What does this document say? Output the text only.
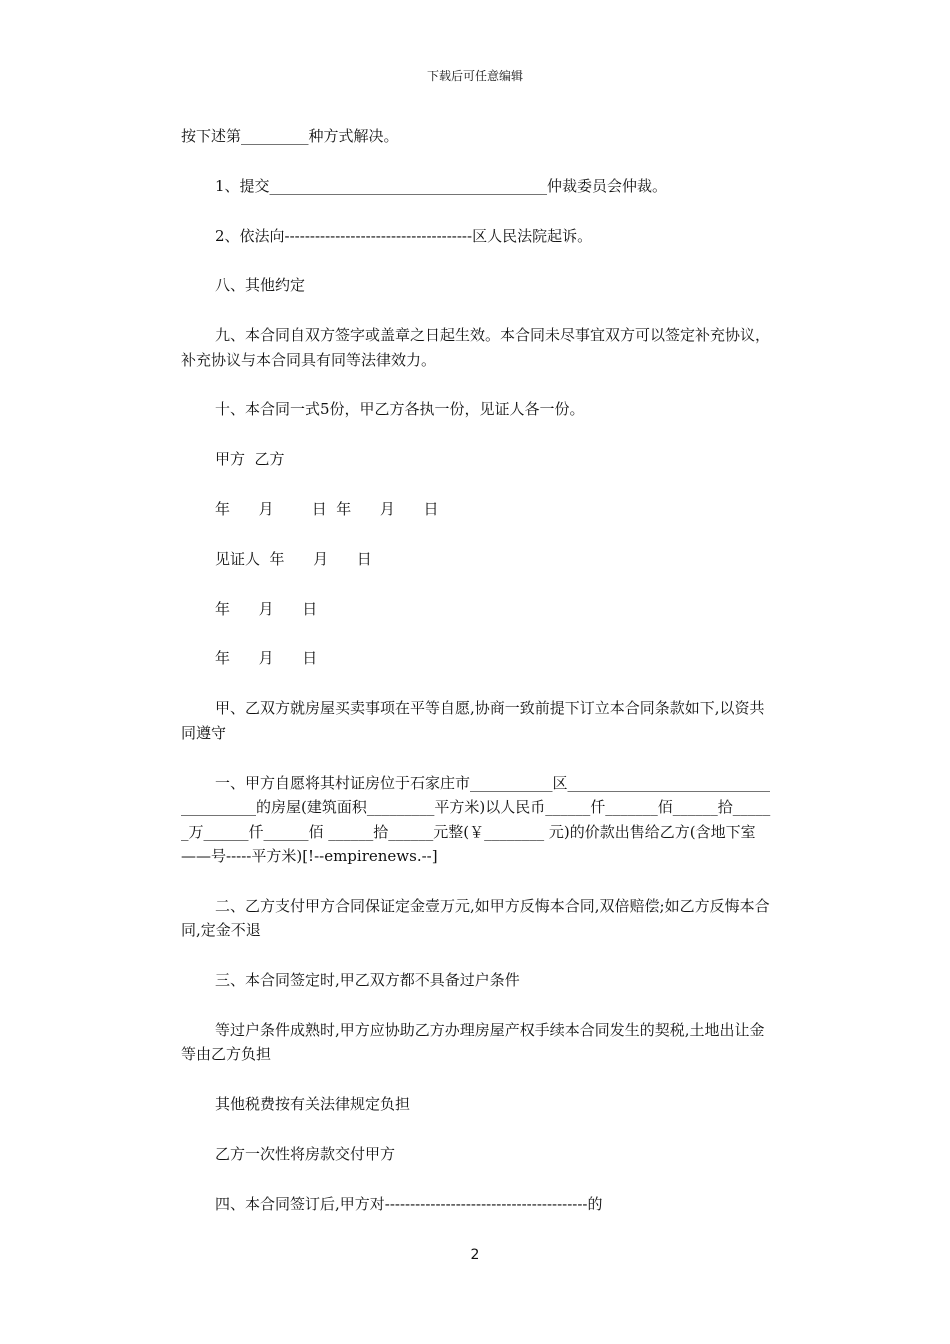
下载后可任意编辑

按下述第_________种方式解决。

1、提交_____________________________________仲裁委员会仲裁。

2、依法向-------------------------------------区人民法院起诉。

八、其他约定

九、本合同自双方签字或盖章之日起生效。本合同未尽事宜双方可以签定补充协议，补充协议与本合同具有同等法律效力。

十、本合同一式5份，甲乙方各执一份，见证人各一份。

甲方  乙方

年      月        日  年      月      日

见证人  年      月      日

年      月      日

年      月      日

甲、乙双方就房屋买卖事项在平等自愿,协商一致前提下订立本合同条款如下,以资共同遵守

一、甲方自愿将其村证房位于石家庄市___________区_____________________________________的房屋(建筑面积_________平方米)以人民币______仟_______佰______拾______万______仟______佰 ______拾______元整(￥________ 元)的价款出售给乙方(含地下室——号-----平方米)[!--empirenews.--]

二、乙方支付甲方合同保证定金壹万元,如甲方反悔本合同,双倍赔偿;如乙方反悔本合同,定金不退

三、本合同签定时,甲乙双方都不具备过户条件

等过户条件成熟时,甲方应协助乙方办理房屋产权手续本合同发生的契税,土地出让金等由乙方负担

其他税费按有关法律规定负担

乙方一次性将房款交付甲方

四、本合同签订后,甲方对----------------------------------------的

2
